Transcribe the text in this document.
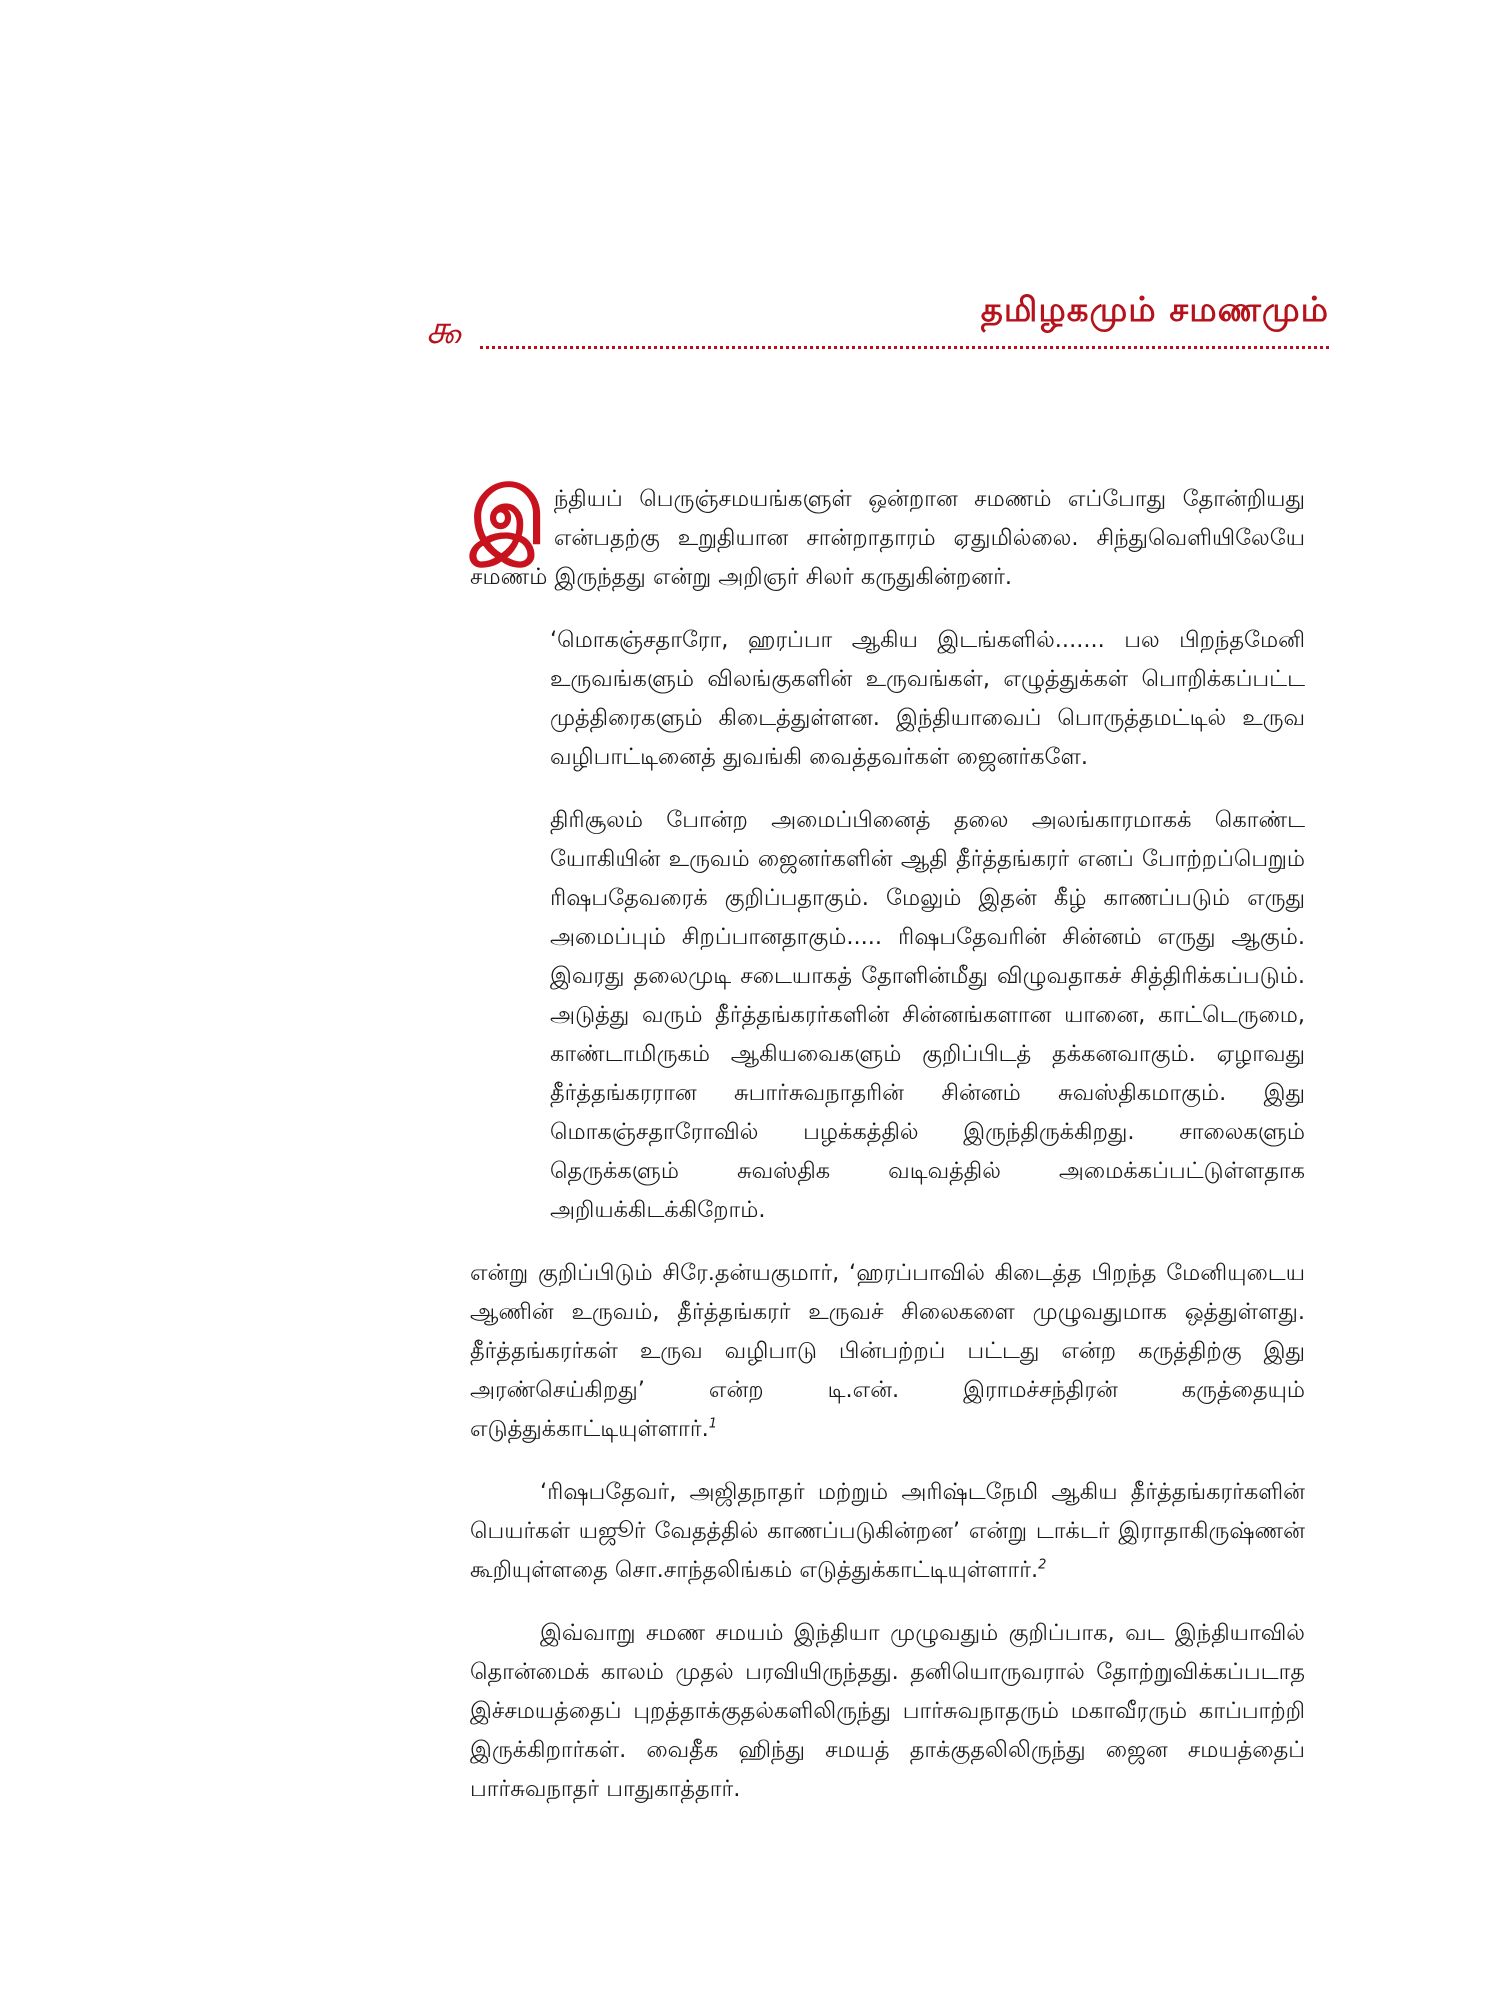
௯	தமிழகமும் சமணமும்

இந்தியப் பெருஞ்சமயங்களுள் ஒன்றான சமணம் எப்போது தோன்றியது என்பதற்கு உறுதியான சான்றாதாரம் ஏதுமில்லை. சிந்துவெளியிலேயே சமணம் இருந்தது என்று அறிஞர் சிலர் கருதுகின்றனர்.

‘மொகஞ்சதாரோ, ஹரப்பா ஆகிய இடங்களில்....... பல பிறந்தமேனி உருவங்களும் விலங்குகளின் உருவங்கள், எழுத்துக்கள் பொறிக்கப்பட்ட முத்திரைகளும் கிடைத்துள்ளன. இந்தியாவைப் பொருத்தமட்டில் உருவ வழிபாட்டினைத் துவங்கி வைத்தவர்கள் ஜைனர்களே.

திரிசூலம் போன்ற அமைப்பினைத் தலை அலங்காரமாகக் கொண்ட யோகியின் உருவம் ஜைனர்களின் ஆதி தீர்த்தங்கரர் எனப் போற்றப்பெறும் ரிஷபதேவரைக் குறிப்பதாகும். மேலும் இதன் கீழ் காணப்படும் எருது அமைப்பும் சிறப்பானதாகும்..... ரிஷபதேவரின் சின்னம் எருது ஆகும். இவரது தலைமுடி சடையாகத் தோளின்மீது விழுவதாகச் சித்திரிக்கப்படும். அடுத்து வரும் தீர்த்தங்கரர்களின் சின்னங்களான யானை, காட்டெருமை, காண்டாமிருகம் ஆகியவைகளும் குறிப்பிடத் தக்கனவாகும். ஏழாவது தீர்த்தங்கரரான சுபார்சுவநாதரின் சின்னம் சுவஸ்திகமாகும். இது மொகஞ்சதாரோவில் பழக்கத்தில் இருந்திருக்கிறது. சாலைகளும் தெருக்களும் சுவஸ்திக வடிவத்தில் அமைக்கப்பட்டுள்ளதாக அறியக்கிடக்கிறோம்.

என்று குறிப்பிடும் சிரே.தன்யகுமார், ‘ஹரப்பாவில் கிடைத்த பிறந்த மேனியுடைய ஆணின் உருவம், தீர்த்தங்கரர் உருவச் சிலைகளை முழுவதுமாக ஒத்துள்ளது. தீர்த்தங்கரர்கள் உருவ வழிபாடு பின்பற்றப் பட்டது என்ற கருத்திற்கு இது அரண்செய்கிறது’ என்ற டி.என். இராமச்சந்திரன் கருத்தையும் எடுத்துக்காட்டியுள்ளார்.$^1$

‘ரிஷபதேவர், அஜிதநாதர் மற்றும் அரிஷ்டநேமி ஆகிய தீர்த்தங்கரர்களின் பெயர்கள் யஜூர் வேதத்தில் காணப்படுகின்றன’ என்று டாக்டர் இராதாகிருஷ்ணன் கூறியுள்ளதை சொ.சாந்தலிங்கம் எடுத்துக்காட்டியுள்ளார்.$^2$

இவ்வாறு சமண சமயம் இந்தியா முழுவதும் குறிப்பாக, வட இந்தியாவில் தொன்மைக் காலம் முதல் பரவியிருந்தது. தனியொருவரால் தோற்றுவிக்கப்படாத இச்சமயத்தைப் புறத்தாக்குதல்களிலிருந்து பார்சுவநாதரும் மகாவீரரும் காப்பாற்றி இருக்கிறார்கள். வைதீக ஹிந்து சமயத் தாக்குதலிலிருந்து ஜைன சமயத்தைப் பார்சுவநாதர் பாதுகாத்தார்.
